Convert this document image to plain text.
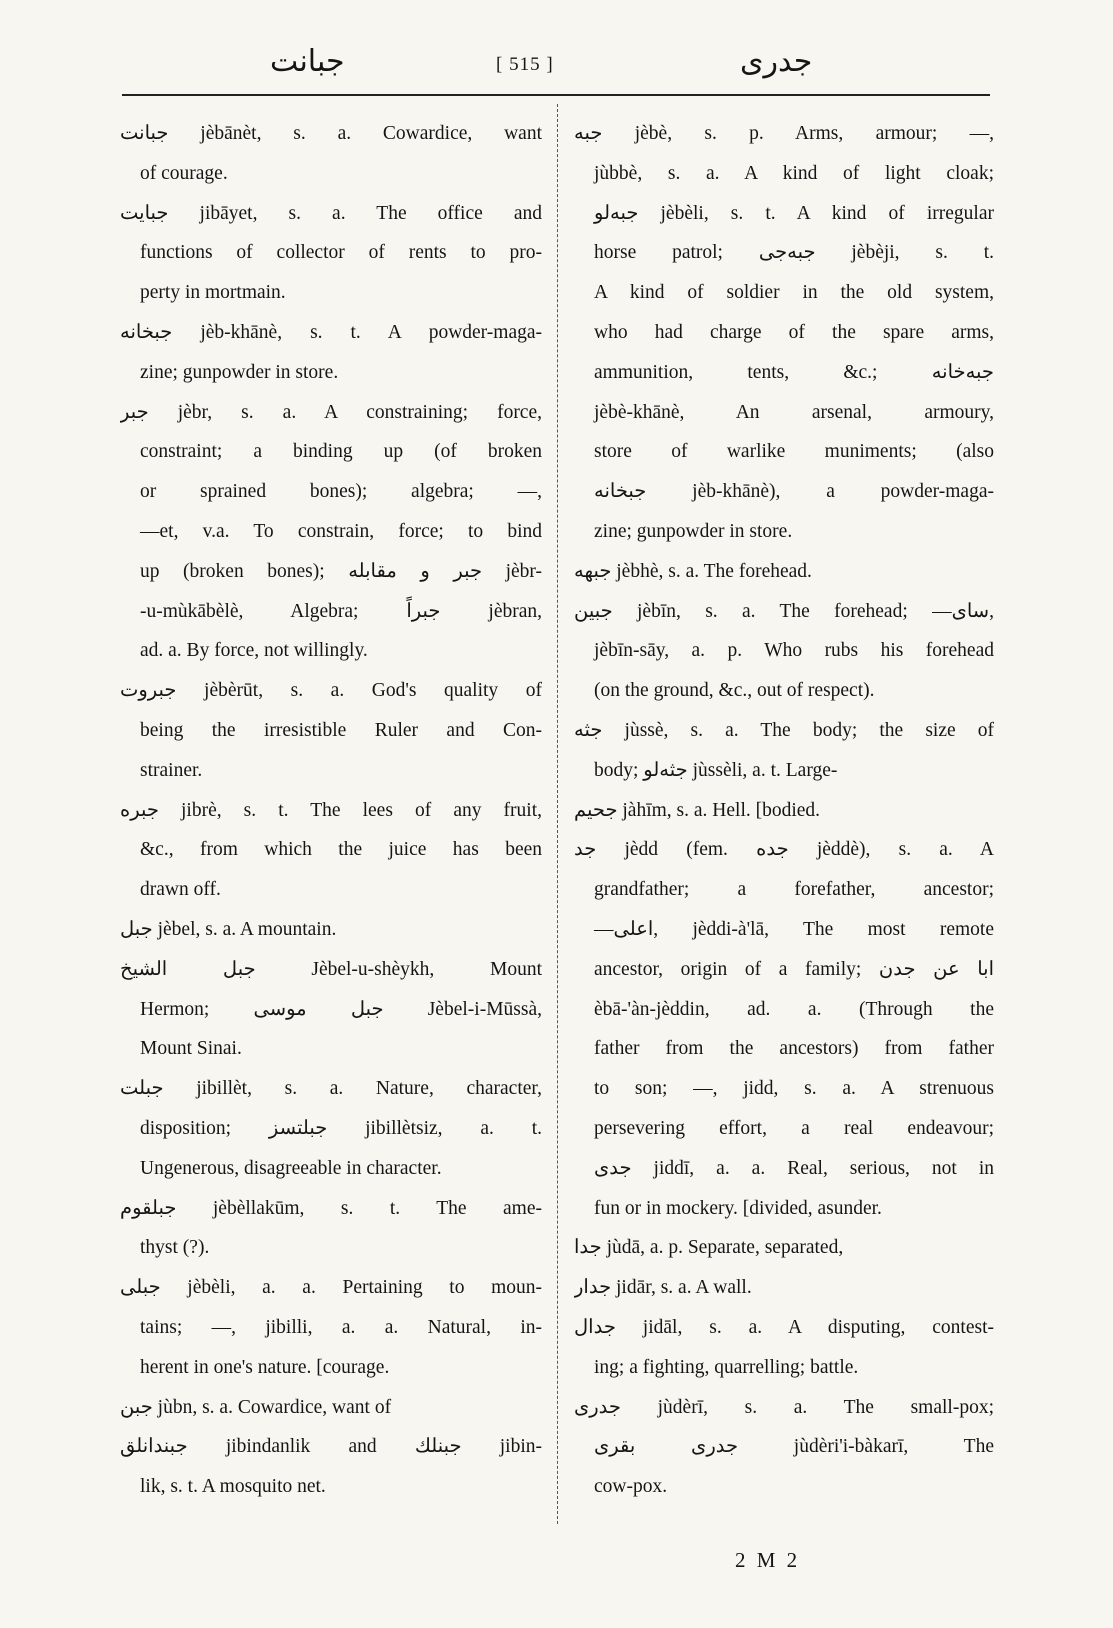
جبانت	[ 515 ]	جدری
جبانت jèbānèt, s. a. Cowardice, want
of courage.
جبایت jibāyet, s. a. The office and
functions of collector of rents to pro-
perty in mortmain.
جبخانه jèb-khānè, s. t. A powder-maga-
zine; gunpowder in store.
جبر jèbr, s. a. A constraining; force,
constraint; a binding up (of broken
or sprained bones); algebra; —,
—et, v.a. To constrain, force; to bind
up (broken bones); جبر و مقابله jèbr-
-u-mùkābèlè, Algebra; جبراً jèbran,
ad. a. By force, not willingly.
جبروت jèbèrūt, s. a. God's quality of
being the irresistible Ruler and Con-
strainer.
جبره jibrè, s. t. The lees of any fruit,
&c., from which the juice has been
drawn off.
جبل jèbel, s. a. A mountain.
جبل الشیخ Jèbel-u-shèykh, Mount
Hermon; جبل موسی Jèbel-i-Mūssà,
Mount Sinai.
جبلت jibillèt, s. a. Nature, character,
disposition; جبلتسز jibillètsiz, a. t.
Ungenerous, disagreeable in character.
جبلقوم jèbèllakūm, s. t. The ame-
thyst (?).
جبلی jèbèli, a. a. Pertaining to moun-
tains; —, jibilli, a. a. Natural, in-
herent in one's nature. [courage.
جبن jùbn, s. a. Cowardice, want of
جبندانلق jibindanlik and جبنلك jibin-
lik, s. t. A mosquito net.
جبه jèbè, s. p. Arms, armour; —,
jùbbè, s. a. A kind of light cloak;
جبه‌لو jèbèli, s. t. A kind of irregular
horse patrol; جبه‌جی jèbèji, s. t.
A kind of soldier in the old system,
who had charge of the spare arms,
ammunition, tents, &c.; جبه‌خانه
jèbè-khānè, An arsenal, armoury,
store of warlike muniments; (also
جبخانه jèb-khānè), a powder-maga-
zine; gunpowder in store.
جبهه jèbhè, s. a. The forehead.
جبین jèbīn, s. a. The forehead; —سای,
jèbīn-sāy, a. p. Who rubs his forehead
(on the ground, &c., out of respect).
جثه jùssè, s. a. The body; the size of
body; جثه‌لو jùssèli, a. t. Large-
جحیم jàhīm, s. a. Hell. [bodied.
جد jèdd (fem. جده jèddè), s. a. A
grandfather; a forefather, ancestor;
—اعلی, jèddi-à'lā, The most remote
ancestor, origin of a family; ابا عن جدن
èbā-'àn-jèddin, ad. a. (Through the
father from the ancestors) from father
to son; —, jidd, s. a. A strenuous
persevering effort, a real endeavour;
جدی jiddī, a. a. Real, serious, not in
fun or in mockery. [divided, asunder.
جدا jùdā, a. p. Separate, separated,
جدار jidār, s. a. A wall.
جدال jidāl, s. a. A disputing, contest-
ing; a fighting, quarrelling; battle.
جدری jùdèrī, s. a. The small-pox;
جدری بقری jùdèri'i-bàkarī, The
cow-pox.
2 M 2
